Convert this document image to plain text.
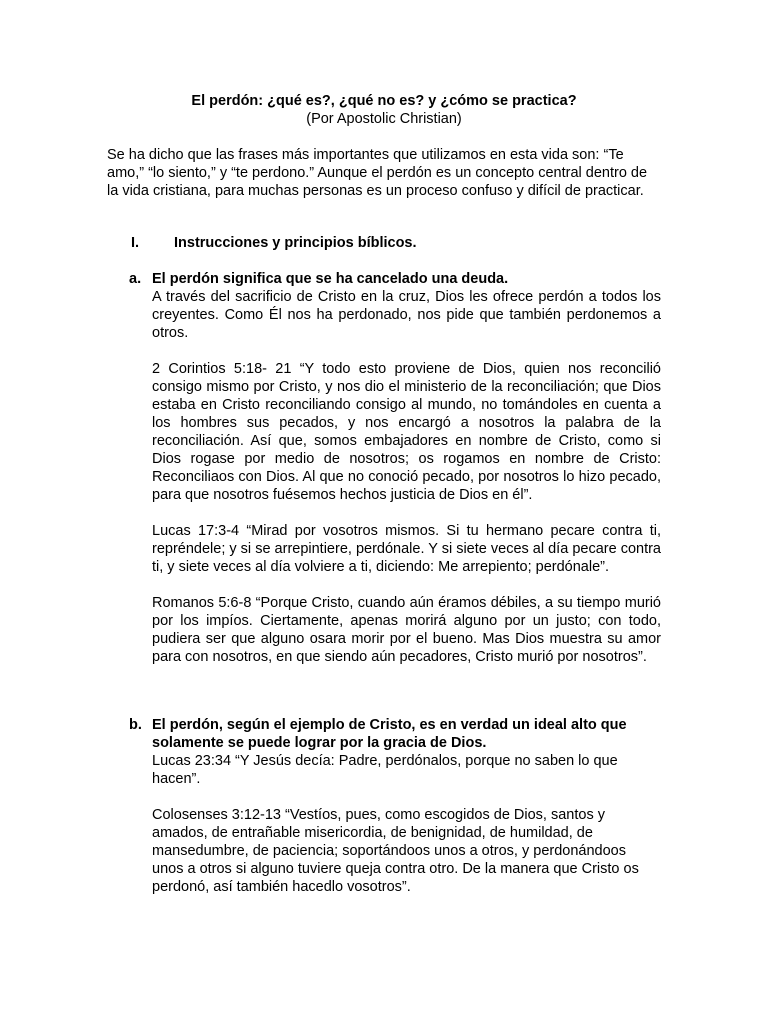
El perdón: ¿qué es?, ¿qué no es? y ¿cómo se practica?
(Por Apostolic Christian)
Se ha dicho que las frases más importantes que utilizamos en esta vida son: “Te amo,” “lo siento,” y “te perdono.” Aunque el perdón es un concepto central dentro de la vida cristiana, para muchas personas es un proceso confuso y difícil de practicar.
I. Instrucciones y principios bíblicos.
a. El perdón significa que se ha cancelado una deuda.
A través del sacrificio de Cristo en la cruz, Dios les ofrece perdón a todos los creyentes. Como Él nos ha perdonado, nos pide que también perdonemos a otros.
2 Corintios 5:18- 21 “Y todo esto proviene de Dios, quien nos reconcilió consigo mismo por Cristo, y nos dio el ministerio de la reconciliación; que Dios estaba en Cristo reconciliando consigo al mundo, no tomándoles en cuenta a los hombres sus pecados, y nos encargó a nosotros la palabra de la reconciliación. Así que, somos embajadores en nombre de Cristo, como si Dios rogase por medio de nosotros; os rogamos en nombre de Cristo: Reconciliaos con Dios. Al que no conoció pecado, por nosotros lo hizo pecado, para que nosotros fuésemos hechos justicia de Dios en él”.
Lucas 17:3-4 “Mirad por vosotros mismos. Si tu hermano pecare contra ti, repréndele; y si se arrepintiere, perdónale. Y si siete veces al día pecare contra ti, y siete veces al día volviere a ti, diciendo: Me arrepiento; perdónale”.
Romanos 5:6-8 “Porque Cristo, cuando aún éramos débiles, a su tiempo murió por los impíos. Ciertamente, apenas morirá alguno por un justo; con todo, pudiera ser que alguno osara morir por el bueno. Mas Dios muestra su amor para con nosotros, en que siendo aún pecadores, Cristo murió por nosotros”.
b. El perdón, según el ejemplo de Cristo, es en verdad un ideal alto que solamente se puede lograr por la gracia de Dios.
Lucas 23:34 “Y Jesús decía: Padre, perdónalos, porque no saben lo que hacen”.
Colosenses 3:12-13 “Vestíos, pues, como escogidos de Dios, santos y amados, de entrañable misericordia, de benignidad, de humildad, de mansedumbre, de paciencia; soportándoos unos a otros, y perdonándoos unos a otros si alguno tuviere queja contra otro. De la manera que Cristo os perdonó, así también hacedlo vosotros”.
